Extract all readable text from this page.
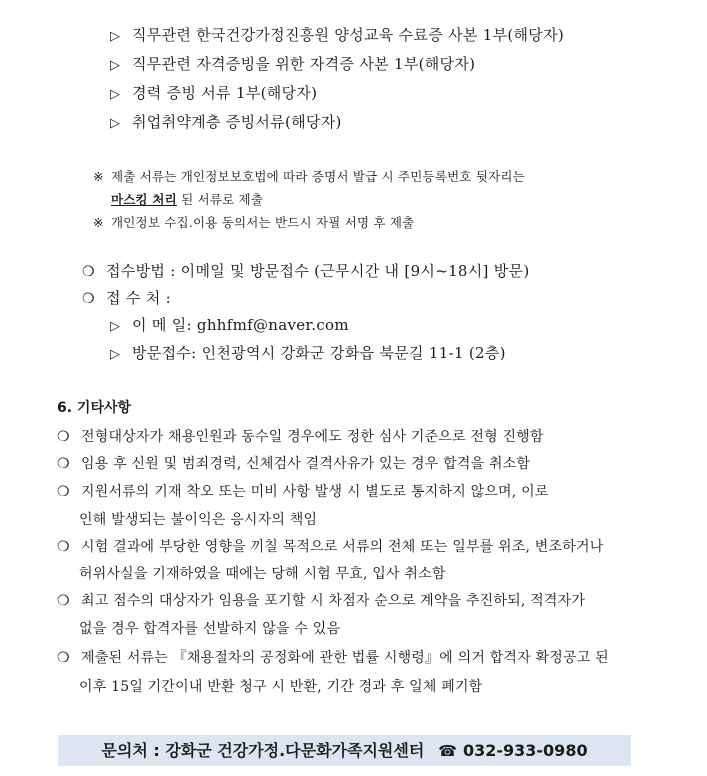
▷ 직무관련 한국건강가정진흥원 양성교육 수료증 사본 1부(해당자)
▷ 직무관련 자격증빙을 위한 자격증 사본 1부(해당자)
▷ 경력 증빙 서류 1부(해당자)
▷ 취업취약계층 증빙서류(해당자)
※ 제출 서류는 개인정보보호법에 따라 증명서 발급 시 주민등록번호 뒷자리는
마스킹 처리 된 서류로 제출
※ 개인정보 수집.이용 동의서는 반드시 자필 서명 후 제출
❍ 접수방법 : 이메일 및 방문접수 (근무시간 내 [9시~18시] 방문)
❍ 접 수 처 :
▷ 이 메 일: ghhfmf@naver.com
▷ 방문접수: 인천광역시 강화군 강화읍 북문길 11-1 (2층)
6. 기타사항
❍ 전형대상자가 채용인원과 동수일 경우에도 정한 심사 기준으로 전형 진행함
❍ 임용 후 신원 및 범죄경력, 신체검사 결격사유가 있는 경우 합격을 취소함
❍ 지원서류의 기재 착오 또는 미비 사항 발생 시 별도로 통지하지 않으며, 이로
인해 발생되는 불이익은 응시자의 책임
❍ 시험 결과에 부당한 영향을 끼칠 목적으로 서류의 전체 또는 일부를 위조, 변조하거나
허위사실을 기재하였을 때에는 당해 시험 무효, 입사 취소함
❍ 최고 점수의 대상자가 임용을 포기할 시 차점자 순으로 계약을 추진하되, 적격자가
없을 경우 합격자를 선발하지 않을 수 있음
❍ 제출된 서류는 『채용절차의 공정화에 관한 법률 시행령』에 의거 합격자 확정공고 된
이후 15일 기간이내 반환 청구 시 반환, 기간 경과 후 일체 폐기함
문의처 : 강화군 건강가정.다문화가족지원센터 ☎ 032-933-0980
